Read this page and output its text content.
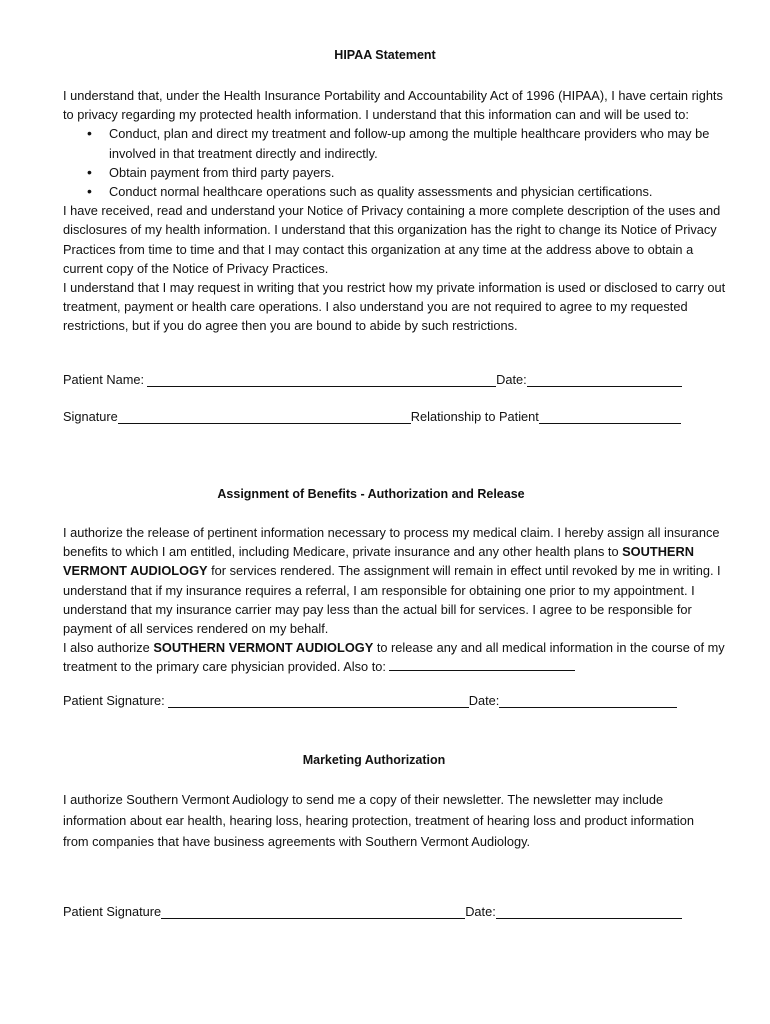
HIPAA Statement

I understand that, under the Health Insurance Portability and Accountability Act of 1996 (HIPAA), I have certain rights to privacy regarding my protected health information. I understand that this information can and will be used to:

• Conduct, plan and direct my treatment and follow-up among the multiple healthcare providers who may be involved in that treatment directly and indirectly.
• Obtain payment from third party payers.
• Conduct normal healthcare operations such as quality assessments and physician certifications.

I have received, read and understand your Notice of Privacy containing a more complete description of the uses and disclosures of my health information. I understand that this organization has the right to change its Notice of Privacy Practices from time to time and that I may contact this organization at any time at the address above to obtain a current copy of the Notice of Privacy Practices.

I understand that I may request in writing that you restrict how my private information is used or disclosed to carry out treatment, payment or health care operations. I also understand you are not required to agree to my requested restrictions, but if you do agree then you are bound to abide by such restrictions.

Patient Name:	Date:
Signature	Relationship to Patient
Assignment of Benefits - Authorization and Release

I authorize the release of pertinent information necessary to process my medical claim. I hereby assign all insurance benefits to which I am entitled, including Medicare, private insurance and any other health plans to SOUTHERN VERMONT AUDIOLOGY for services rendered. The assignment will remain in effect until revoked by me in writing. I understand that if my insurance requires a referral, I am responsible for obtaining one prior to my appointment. I understand that my insurance carrier may pay less than the actual bill for services. I agree to be responsible for payment of all services rendered on my behalf.

I also authorize SOUTHERN VERMONT AUDIOLOGY to release any and all medical information in the course of my treatment to the primary care physician provided. Also to:

Patient Signature:	Date:
Marketing Authorization

I authorize Southern Vermont Audiology to send me a copy of their newsletter. The newsletter may include information about ear health, hearing loss, hearing protection, treatment of hearing loss and product information from companies that have business agreements with Southern Vermont Audiology.

Patient Signature	Date:
